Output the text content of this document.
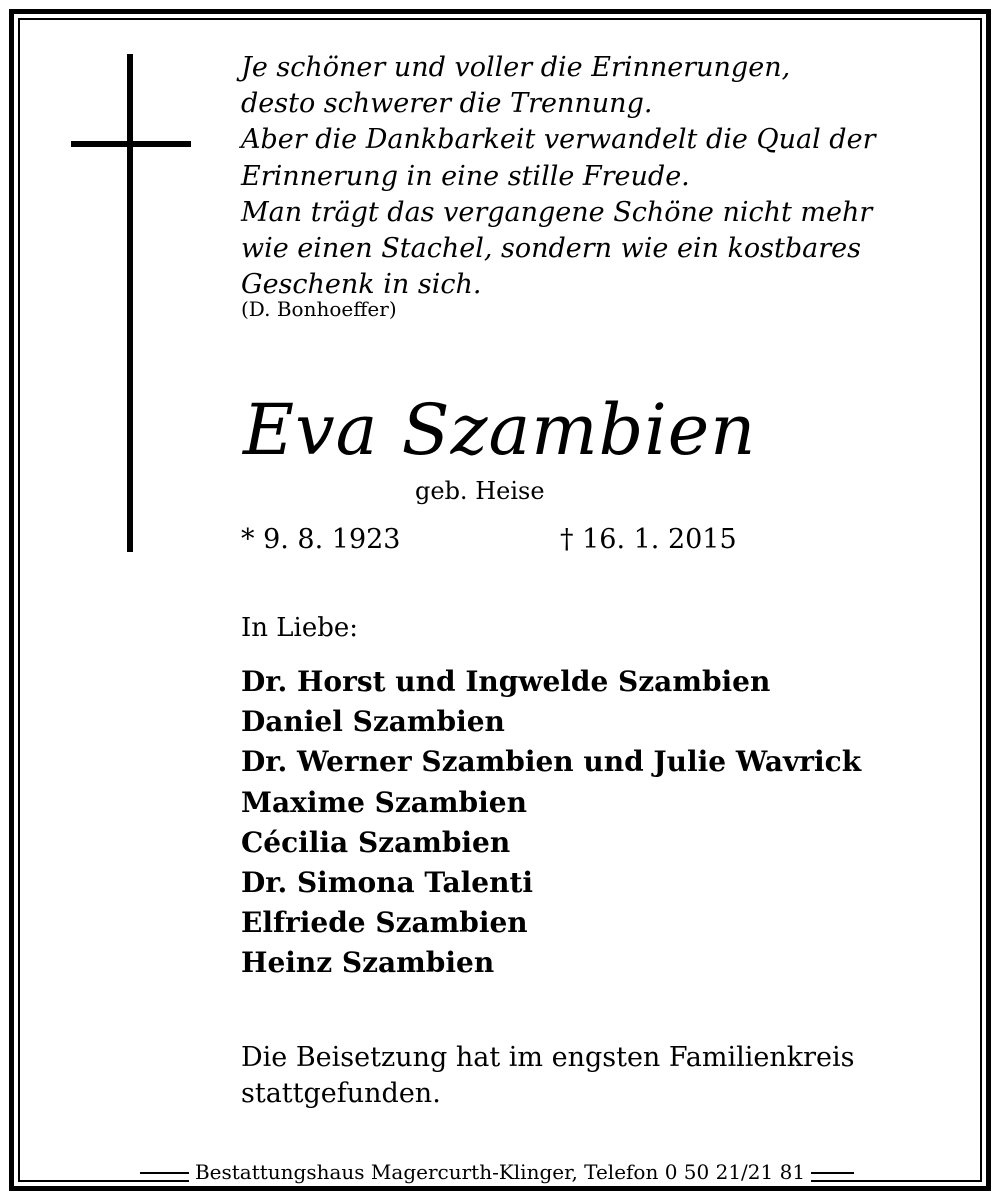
Je schöner und voller die Erinnerungen,
desto schwerer die Trennung.
Aber die Dankbarkeit verwandelt die Qual der
Erinnerung in eine stille Freude.
Man trägt das vergangene Schöne nicht mehr
wie einen Stachel, sondern wie ein kostbares
Geschenk in sich.
(D. Bonhoeffer)
Eva Szambien
geb. Heise
* 9. 8. 1923	† 16. 1. 2015
In Liebe:
Dr. Horst und Ingwelde Szambien
Daniel Szambien
Dr. Werner Szambien und Julie Wavrick
Maxime Szambien
Cécilia Szambien
Dr. Simona Talenti
Elfriede Szambien
Heinz Szambien
Die Beisetzung hat im engsten Familienkreis stattgefunden.
Bestattungshaus Magercurth-Klinger, Telefon 0 50 21/21 81
